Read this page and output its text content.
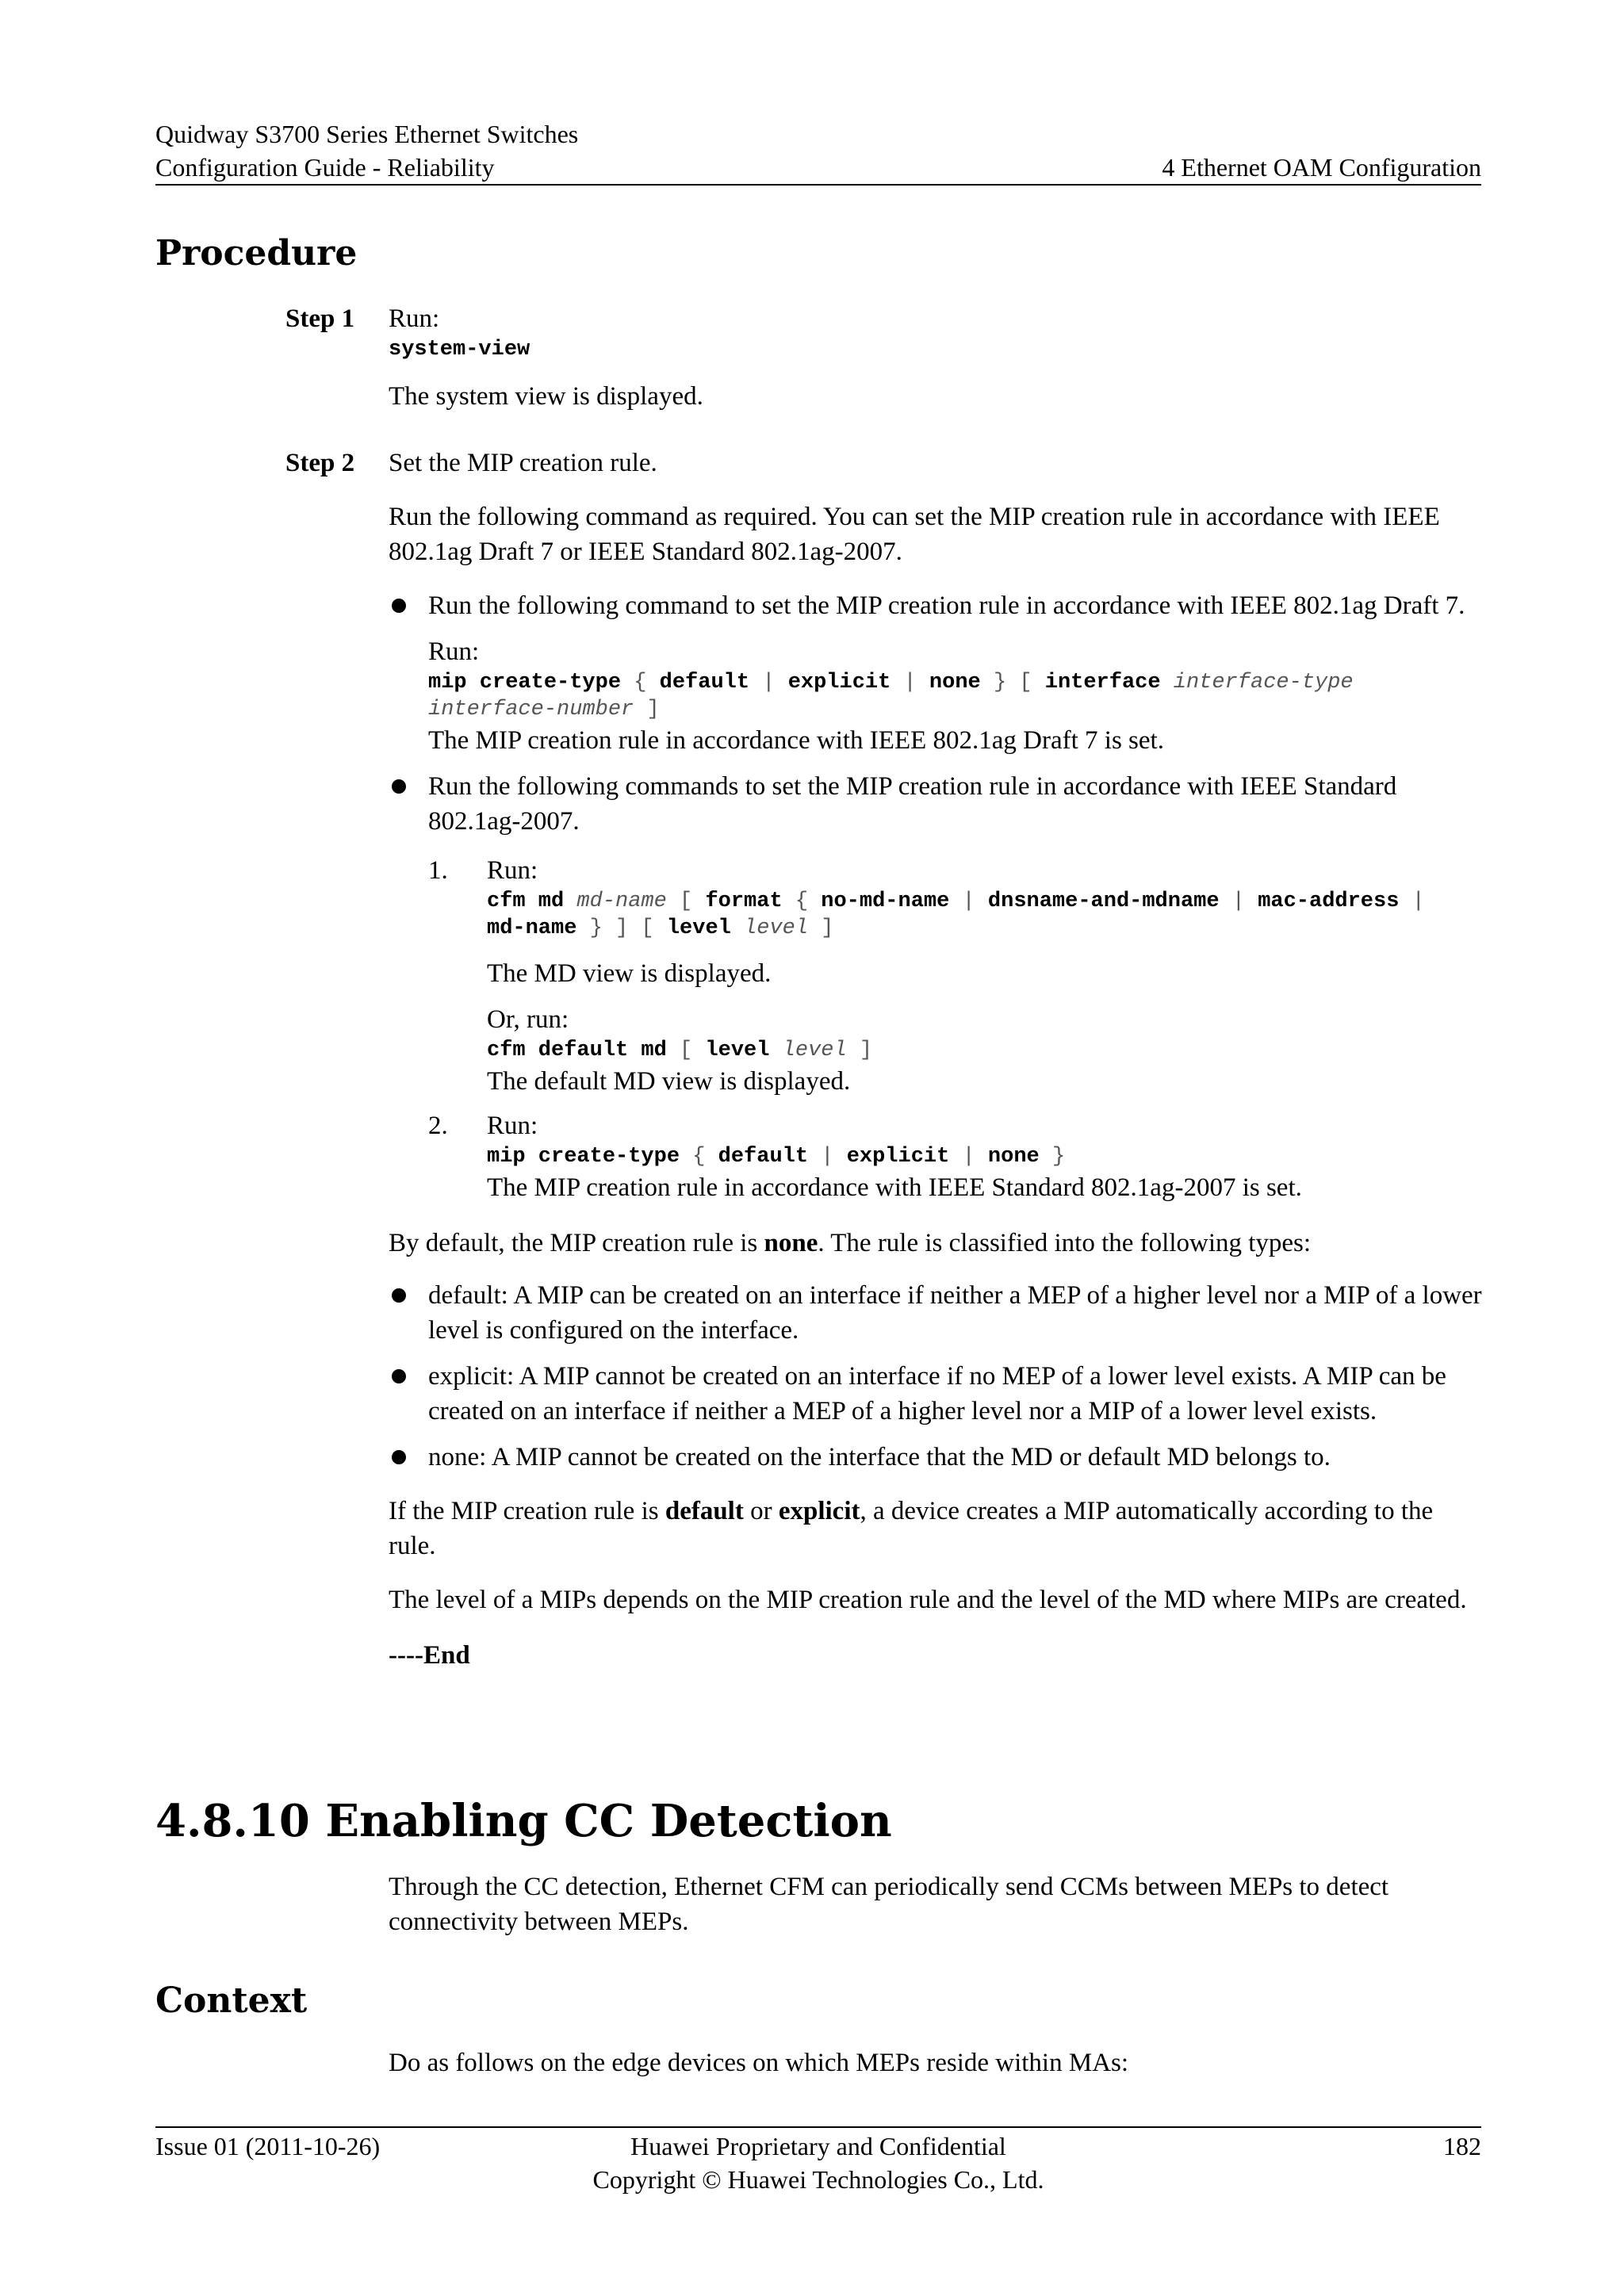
Quidway S3700 Series Ethernet Switches
Configuration Guide - Reliability	4 Ethernet OAM Configuration
Procedure
Step 1 Run:

system-view

The system view is displayed.

Step 2 Set the MIP creation rule.

Run the following command as required. You can set the MIP creation rule in accordance with IEEE 802.1ag Draft 7 or IEEE Standard 802.1ag-2007.

Run the following command to set the MIP creation rule in accordance with IEEE 802.1ag Draft 7.

Run:

mip create-type { default | explicit | none } [ interface interface-type
interface-number ]

The MIP creation rule in accordance with IEEE 802.1ag Draft 7 is set.

Run the following commands to set the MIP creation rule in accordance with IEEE Standard 802.1ag-2007.

1. Run:

cfm md md-name [ format { no-md-name | dnsname-and-mdname | mac-address |
md-name } ] [ level level ]

The MD view is displayed.

Or, run:

cfm default md [ level level ]

The default MD view is displayed.

2. Run:

mip create-type { default | explicit | none }

The MIP creation rule in accordance with IEEE Standard 802.1ag-2007 is set.

By default, the MIP creation rule is none. The rule is classified into the following types:

default: A MIP can be created on an interface if neither a MEP of a higher level nor a MIP of a lower level is configured on the interface.

explicit: A MIP cannot be created on an interface if no MEP of a lower level exists. A MIP can be created on an interface if neither a MEP of a higher level nor a MIP of a lower level exists.

none: A MIP cannot be created on the interface that the MD or default MD belongs to.

If the MIP creation rule is default or explicit, a device creates a MIP automatically according to the rule.

The level of a MIPs depends on the MIP creation rule and the level of the MD where MIPs are created.

----End

4.8.10 Enabling CC Detection

Through the CC detection, Ethernet CFM can periodically send CCMs between MEPs to detect connectivity between MEPs.

Context

Do as follows on the edge devices on which MEPs reside within MAs:

Issue 01 (2011-10-26)	Huawei Proprietary and Confidential
Copyright © Huawei Technologies Co., Ltd.
182
